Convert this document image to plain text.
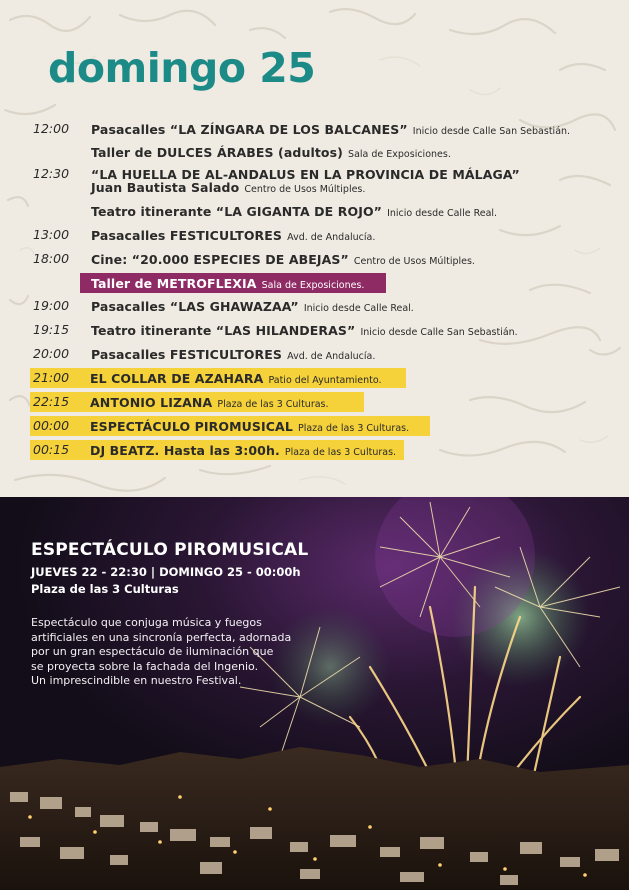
domingo 25
12:00 Pasacalles “LA ZÍNGARA DE LOS BALCANES” Inicio desde Calle San Sebastián.
Taller de DULCES ÁRABES (adultos) Sala de Exposiciones.
12:30 “LA HUELLA DE AL-ANDALUS EN LA PROVINCIA DE MÁLAGA”
Juan Bautista Salado Centro de Usos Múltiples.
Teatro itinerante “LA GIGANTA DE ROJO” Inicio desde Calle Real.
13:00 Pasacalles FESTICULTORES Avd. de Andalucía.
18:00 Cine: “20.000 ESPECIES DE ABEJAS” Centro de Usos Múltiples.
Taller de METROFLEXIA Sala de Exposiciones.
19:00 Pasacalles “LAS GHAWAZAA” Inicio desde Calle Real.
19:15 Teatro itinerante “LAS HILANDERAS” Inicio desde Calle San Sebastián.
20:00 Pasacalles FESTICULTORES Avd. de Andalucía.
21:00 EL COLLAR DE AZAHARA Patio del Ayuntamiento.
22:15 ANTONIO LIZANA Plaza de las 3 Culturas.
00:00 ESPECTÁCULO PIROMUSICAL Plaza de las 3 Culturas.
00:15 DJ BEATZ. Hasta las 3:00h. Plaza de las 3 Culturas.
ESPECTÁCULO PIROMUSICAL
JUEVES 22 - 22:30 | DOMINGO 25 - 00:00h
Plaza de las 3 Culturas
Espectáculo que conjuga música y fuegos
artificiales en una sincronía perfecta, adornada
por un gran espectáculo de iluminación que
se proyecta sobre la fachada del Ingenio.
Un imprescindible en nuestro Festival.
